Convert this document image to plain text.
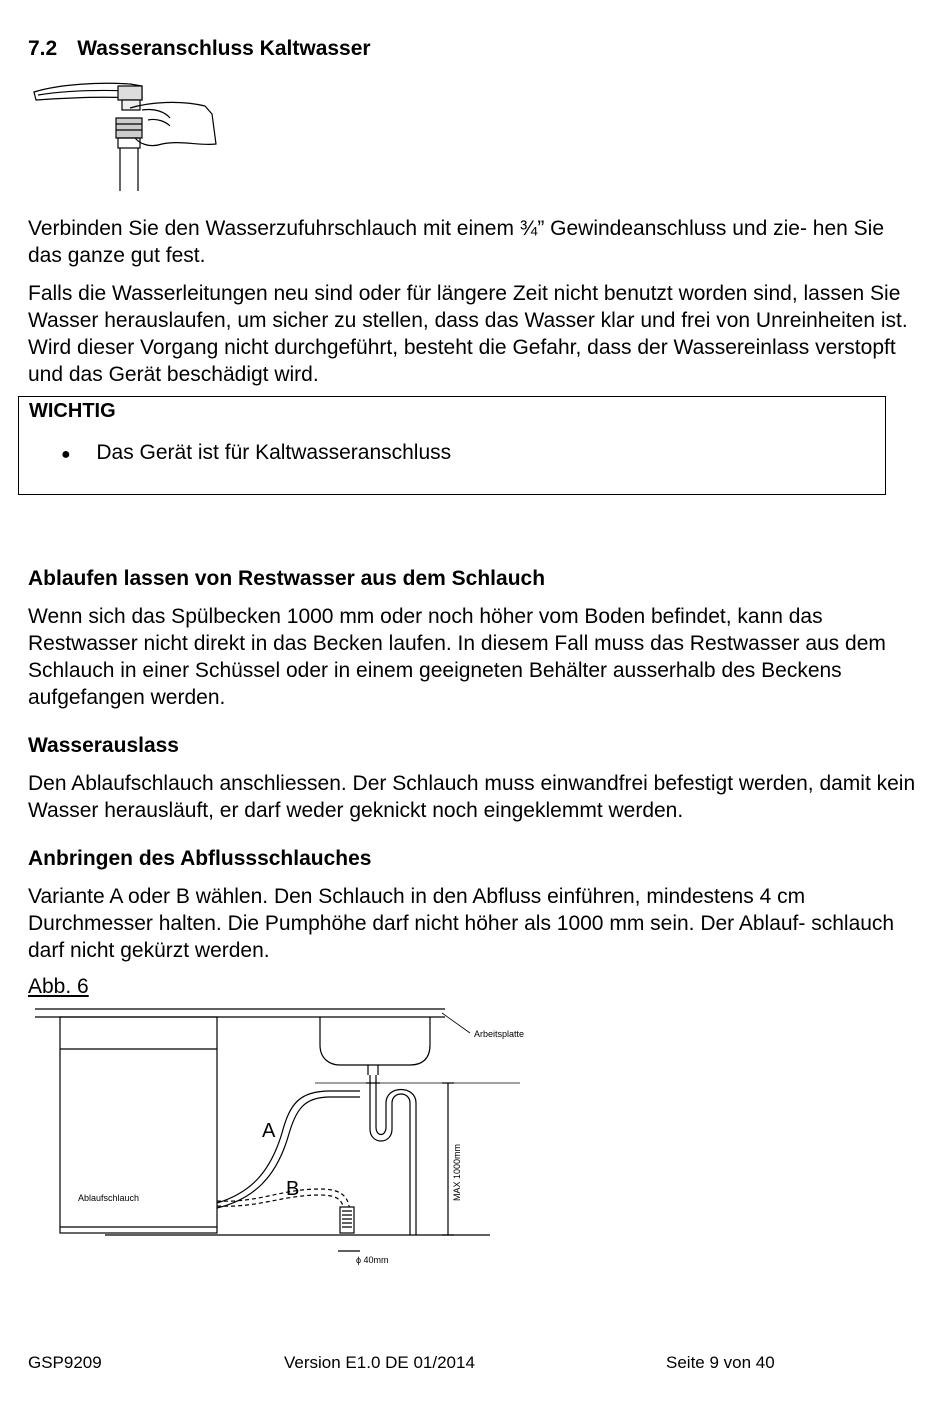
7.2 Wasseranschluss Kaltwasser

Verbinden Sie den Wasserzufuhrschlauch mit einem ¾” Gewindeanschluss und zie- hen Sie das ganze gut fest.

Falls die Wasserleitungen neu sind oder für längere Zeit nicht benutzt worden sind, lassen Sie Wasser herauslaufen, um sicher zu stellen, dass das Wasser klar und frei von Unreinheiten ist. Wird dieser Vorgang nicht durchgeführt, besteht die Gefahr, dass der Wassereinlass verstopft und das Gerät beschädigt wird.

WICHTIG
● Das Gerät ist für Kaltwasseranschluss
Ablaufen lassen von Restwasser aus dem Schlauch

Wenn sich das Spülbecken 1000 mm oder noch höher vom Boden befindet, kann das Restwasser nicht direkt in das Becken laufen. In diesem Fall muss das Restwasser aus dem Schlauch in einer Schüssel oder in einem geeigneten Behälter ausserhalb des Beckens aufgefangen werden.

Wasserauslass

Den Ablaufschlauch anschliessen. Der Schlauch muss einwandfrei befestigt werden, damit kein Wasser herausläuft, er darf weder geknickt noch eingeklemmt werden.

Anbringen des Abflussschlauches

Variante A oder B wählen. Den Schlauch in den Abfluss einführen, mindestens 4 cm Durchmesser halten. Die Pumphöhe darf nicht höher als 1000 mm sein. Der Ablauf- schlauch darf nicht gekürzt werden.

Abb. 6
Arbeitsplatte
Ablaufschlauch
A
B	MAX 1000mm
ϕ 40mm
GSP9209	Version E1.0 DE 01/2014	Seite 9 von 40
